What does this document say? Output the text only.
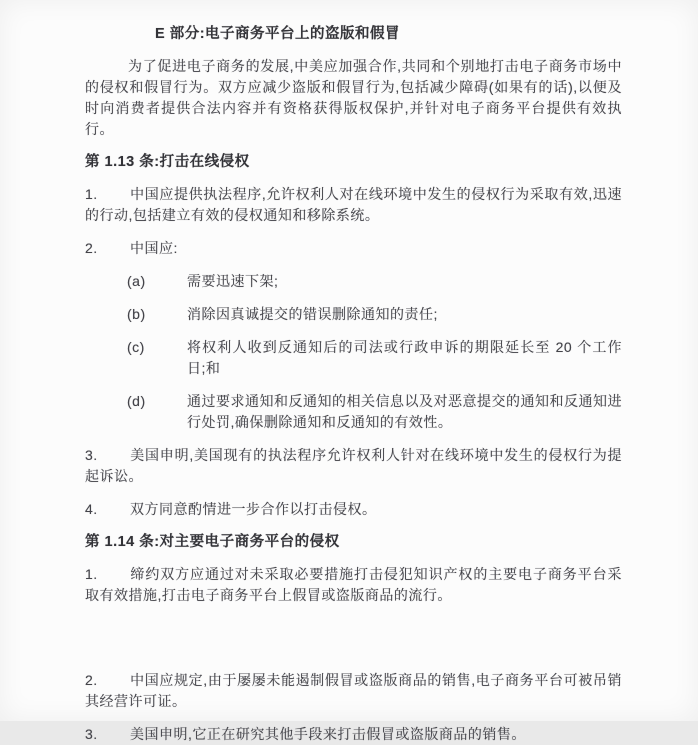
E 部分:电子商务平台上的盗版和假冒

为了促进电子商务的发展,中美应加强合作,共同和个别地打击电子商务市场中的侵权和假冒行为。双方应减少盗版和假冒行为,包括减少障碍(如果有的话),以便及时向消费者提供合法内容并有资格获得版权保护,并针对电子商务平台提供有效执行。

第 1.13 条:打击在线侵权

1. 中国应提供执法程序,允许权利人对在线环境中发生的侵权行为采取有效,迅速的行动,包括建立有效的侵权通知和移除系统。

2. 中国应:

(a)	需要迅速下架;

(b)	消除因真诚提交的错误删除通知的责任;

(c)	将权利人收到反通知后的司法或行政申诉的期限延长至 20 个工作日;和

(d)	通过要求通知和反通知的相关信息以及对恶意提交的通知和反通知进行处罚,确保删除通知和反通知的有效性。

3. 美国申明,美国现有的执法程序允许权利人针对在线环境中发生的侵权行为提起诉讼。

4. 双方同意酌情进一步合作以打击侵权。

第 1.14 条:对主要电子商务平台的侵权

1. 缔约双方应通过对未采取必要措施打击侵犯知识产权的主要电子商务平台采取有效措施,打击电子商务平台上假冒或盗版商品的流行。

2. 中国应规定,由于屡屡未能遏制假冒或盗版商品的销售,电子商务平台可被吊销其经营许可证。

3. 美国申明,它正在研究其他手段来打击假冒或盗版商品的销售。
